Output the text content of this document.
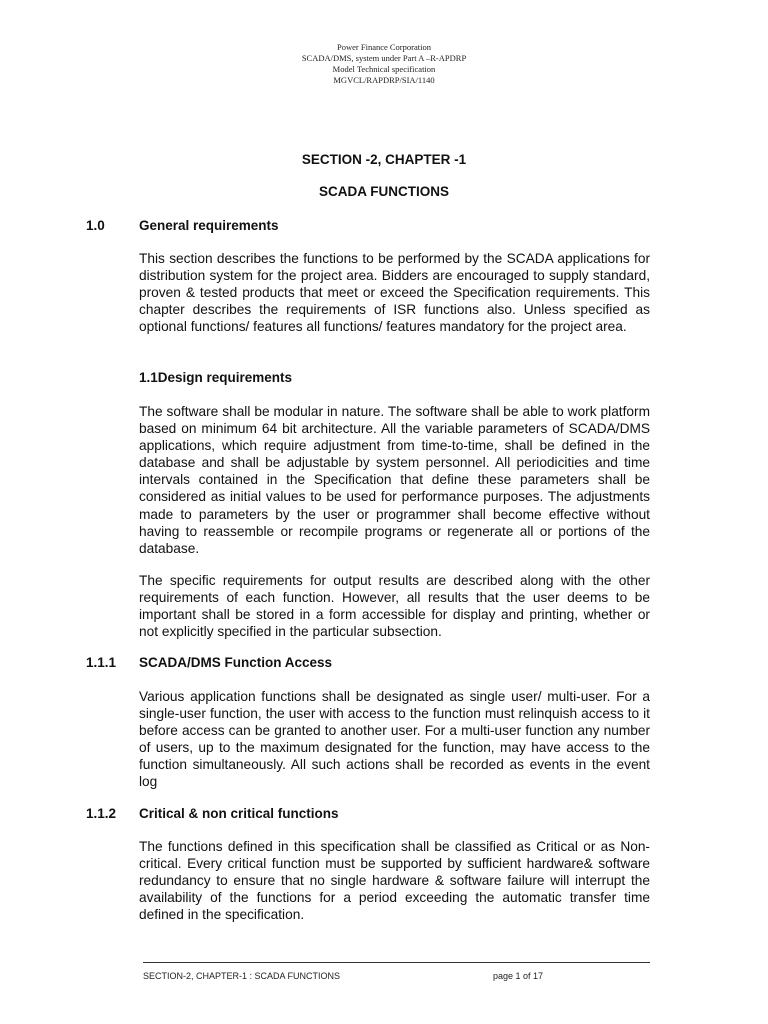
Power Finance Corporation
SCADA/DMS, system under Part A –R-APDRP
Model Technical specification
MGVCL/RAPDRP/SIA/1140
SECTION -2, CHAPTER -1
SCADA FUNCTIONS
1.0	General requirements

This section describes the functions to be performed by the SCADA applications for distribution system for the project area. Bidders are encouraged to supply standard, proven & tested products that meet or exceed the Specification requirements. This chapter describes the requirements of ISR functions also. Unless specified as optional functions/ features all functions/ features mandatory for the project area.

1.1Design requirements

The software shall be modular in nature. The software shall be able to work platform based on minimum 64 bit architecture. All the variable parameters of SCADA/DMS applications, which require adjustment from time-to-time, shall be defined in the database and shall be adjustable by system personnel. All periodicities and time intervals contained in the Specification that define these parameters shall be considered as initial values to be used for performance purposes. The adjustments made to parameters by the user or programmer shall become effective without having to reassemble or recompile programs or regenerate all or portions of the database.

The specific requirements for output results are described along with the other requirements of each function. However, all results that the user deems to be important shall be stored in a form accessible for display and printing, whether or not explicitly specified in the particular subsection.

1.1.1 SCADA/DMS Function Access

Various application functions shall be designated as single user/ multi-user. For a single-user function, the user with access to the function must relinquish access to it before access can be granted to another user. For a multi-user function any number of users, up to the maximum designated for the function, may have access to the function simultaneously. All such actions shall be recorded as events in the event log

1.1.2 Critical & non critical functions

The functions defined in this specification shall be classified as Critical or as Non-critical. Every critical function must be supported by sufficient hardware& software redundancy to ensure that no single hardware & software failure will interrupt the availability of the functions for a period exceeding the automatic transfer time defined in the specification.

SECTION-2, CHAPTER-1 : SCADA FUNCTIONS	page 1 of 17
